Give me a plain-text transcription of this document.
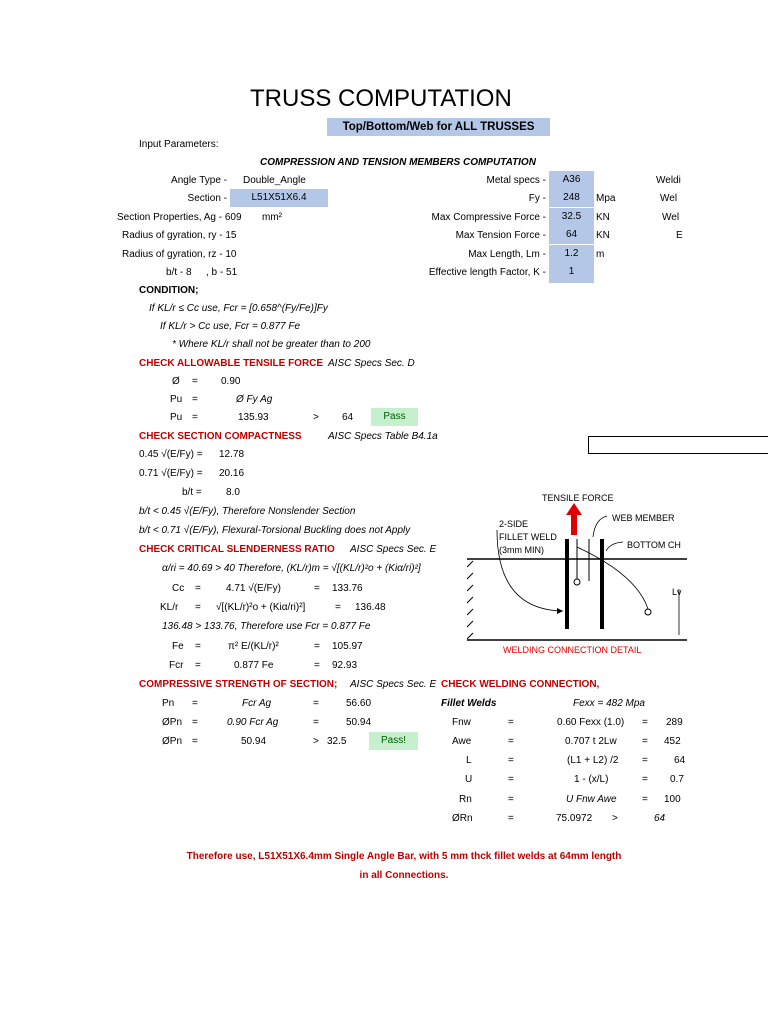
TRUSS COMPUTATION
Top/Bottom/Web for ALL TRUSSES
Input Parameters:
COMPRESSION AND TENSION MEMBERS COMPUTATION
Angle Type - Double_Angle
Section -	L51X51X6.4
Section Properties, Ag - 609 mm²
Radius of gyration, ry - 15
Radius of gyration, rz - 10
b/t - 8 , b - 51
Metal specs -	A36
Fy -	248	Mpa
Max Compressive Force -	32.5	KN
Max Tension Force -	64	KN
Max Length, Lm -	1.2	m
Effective length Factor, K -	1
Weldi
Wel
Wel
E
CONDITION;
If KL/r ≤ Cc use, Fcr = [0.658^(Fy/Fe)]Fy
If KL/r > Cc use, Fcr = 0.877 Fe
* Where KL/r shall not be greater than to 200
CHECK ALLOWABLE TENSILE FORCE AISC Specs Sec. D
Ø = 0.90
Pu =	Ø Fy Ag
Pu =	135.93	> 64	Pass
CHECK SECTION COMPACTNESS	AISC Specs Table B4.1a
0.45 √(E/Fy) = 12.78
0.71 √(E/Fy) = 20.16
b/t = 8.0
b/t < 0.45 √(E/Fy), Therefore Nonslender Section
b/t < 0.71 √(E/Fy), Flexural-Torsional Buckling does not Apply
CHECK CRITICAL SLENDERNESS RATIO AISC Specs Sec. E
α/ri = 40.69 > 40 Therefore, (KL/r)m = √[(KL/r)²o + (Kiα/ri)²]
Cc =	4.71 √(E/Fy)	= 133.76
KL/r = √[(KL/r)²o + (Kiα/ri)²]	= 136.48
136.48 > 133.76, Therefore use Fcr = 0.877 Fe
Fe =	π² E/(KL/r)²	= 105.97
Fcr =	0.877 Fe	= 92.93
COMPRESSIVE STRENGTH OF SECTION; AISC Specs Sec. E
Pn =	Fcr Ag	=	56.60
ØPn =	0.90 Fcr Ag	=	50.94
ØPn =	50.94	> 32.5	Pass!
CHECK WELDING CONNECTION,
Fillet Welds	Fexx = 482 Mpa
Fnw	=	0.60 Fexx (1.0) = 289
Awe	=	0.707 t 2Lw	= 452
L	=	(L1 + L2) /2 =	64
U	=	1 - (x/L)	= 0.7
Rn	=	U Fnw Awe	= 100
ØRn	=	75.0972 >	64
TENSILE FORCE
WEB MEMBER
2-SIDE
FILLET WELD
(3mm MIN)	BOTTOM CH
Lv
WELDING CONNECTION DETAIL
Therefore use, L51X51X6.4mm Single Angle Bar, with 5 mm thck fillet welds at 64mm length
in all Connections.
